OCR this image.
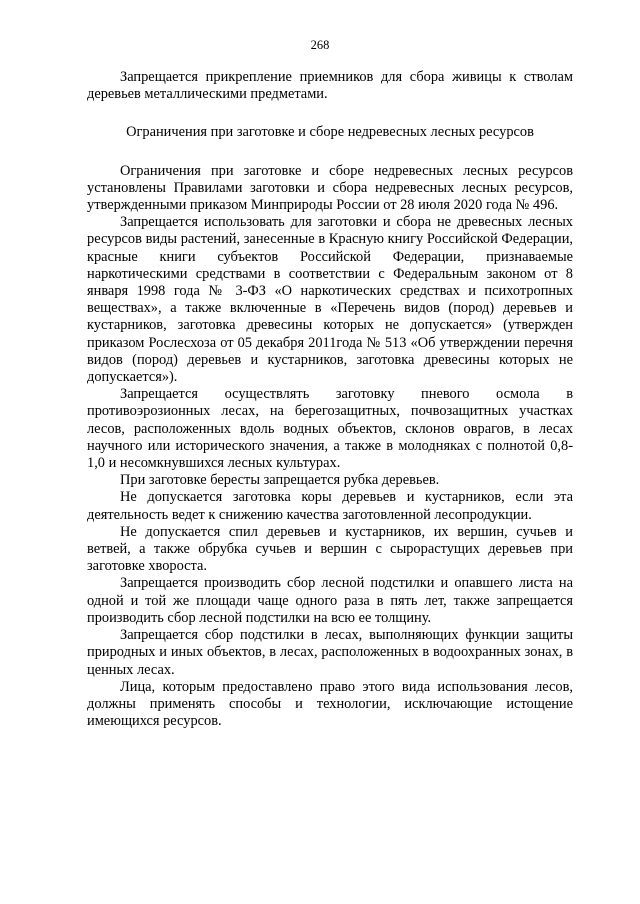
268

Запрещается прикрепление приемников для сбора живицы к стволам деревьев металлическими предметами.

Ограничения при заготовке и сборе недревесных лесных ресурсов

Ограничения при заготовке и сборе недревесных лесных ресурсов установлены Правилами заготовки и сбора недревесных лесных ресурсов, утвержденными приказом Минприроды России от 28 июля 2020 года № 496.

Запрещается использовать для заготовки и сбора не древесных лесных ресурсов виды растений, занесенные в Красную книгу Российской Федерации, красные книги субъектов Российской Федерации, признаваемые наркотическими средствами в соответствии с Федеральным законом от 8 января 1998 года № 3-ФЗ «О наркотических средствах и психотропных веществах», а также включенные в «Перечень видов (пород) деревьев и кустарников, заготовка древесины которых не допускается» (утвержден приказом Рослесхоза от 05 декабря 2011года № 513 «Об утверждении перечня видов (пород) деревьев и кустарников, заготовка древесины которых не допускается»).

Запрещается осуществлять заготовку пневого осмола в противоэрозионных лесах, на берегозащитных, почвозащитных участках лесов, расположенных вдоль водных объектов, склонов оврагов, в лесах научного или исторического значения, а также в молодняках с полнотой 0,8-1,0 и несомкнувшихся лесных культурах.

При заготовке бересты запрещается рубка деревьев.

Не допускается заготовка коры деревьев и кустарников, если эта деятельность ведет к снижению качества заготовленной лесопродукции.

Не допускается спил деревьев и кустарников, их вершин, сучьев и ветвей, а также обрубка сучьев и вершин с сырорастущих деревьев при заготовке хвороста.

Запрещается производить сбор лесной подстилки и опавшего листа на одной и той же площади чаще одного раза в пять лет, также запрещается производить сбор лесной подстилки на всю ее толщину.

Запрещается сбор подстилки в лесах, выполняющих функции защиты природных и иных объектов, в лесах, расположенных в водоохранных зонах, в ценных лесах.

Лица, которым предоставлено право этого вида использования лесов, должны применять способы и технологии, исключающие истощение имеющихся ресурсов.
